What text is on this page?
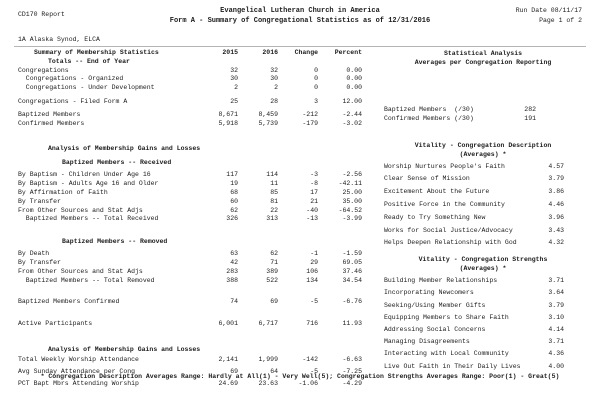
CD170 Report	Evangelical Lutheran Church in America
Form A - Summary of Congregational Statistics as of 12/31/2016
Run Date 08/11/17
Page 1 of 2
1A Alaska Synod, ELCA
Summary of Membership Statistics	2015	2016	Change	Percent
Totals -- End of Year
Congregations	32	32	0	0.00
Congregations - Organized	30	30	0	0.00
Congregations - Under Development	2	2	0	0.00
Congregations - Filed Form A	25	28	3	12.00
Baptized Members	8,671	8,459	-212	-2.44
Confirmed Members	5,918	5,739	-179	-3.02
Analysis of Membership Gains and Losses
Baptized Members -- Received
By Baptism - Children Under Age 16	117	114	-3	-2.56
By Baptism - Adults Age 16 and Older	19	11	-8	-42.11
By Affirmation of Faith	68	85	17	25.00
By Transfer	60	81	21	35.00
From Other Sources and Stat Adjs	62	22	-40	-64.52
Baptized Members -- Total Received	326	313	-13	-3.99
Baptized Members -- Removed
By Death	63	62	-1	-1.59
By Transfer	42	71	29	69.05
From Other Sources and Stat Adjs	283	389	106	37.46
Baptized Members -- Total Removed	388	522	134	34.54
Baptized Members Confirmed	74	69	-5	-6.76
Active Participants	6,001	6,717	716	11.93
Analysis of Membership Gains and Losses
Total Weekly Worship Attendance	2,141	1,999	-142	-6.63
Avg Sunday Attendance per Cong	69	64	-5	-7.25
PCT Bapt Mbrs Attending Worship	24.69	23.63	-1.06	-4.29
Statistical Analysis
Averages per Congregation Reporting
Baptized Members  (/30)	282
Confirmed Members (/30)	191
Vitality - Congregation Description
(Averages) *
Worship Nurtures People's Faith	4.57
Clear Sense of Mission	3.79
Excitement About the Future	3.86
Positive Force in the Community	4.46
Ready to Try Something New	3.96
Works for Social Justice/Advocacy	3.43
Helps Deepen Relationship with God	4.32
Vitality - Congregation Strengths
(Averages) *
Building Member Relationships	3.71
Incorporating Newcomers	3.64
Seeking/Using Member Gifts	3.79
Equipping Members to Share Faith	3.10
Addressing Social Concerns	4.14
Managing Disagreements	3.71
Interacting with Local Community	4.36
Live Out Faith in Their Daily Lives	4.00
* Congregation Description Averages Range: Hardly at All(1) - Very Well(5); Congregation Strengths Averages Range: Poor(1) - Great(5)
